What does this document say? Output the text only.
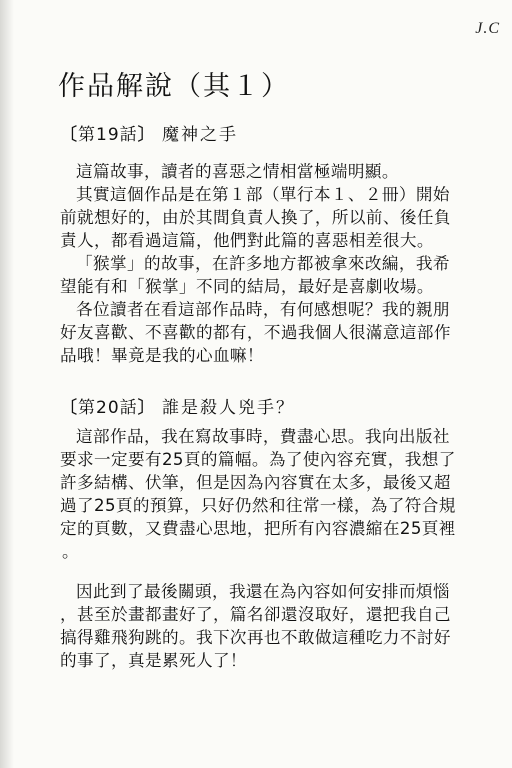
J.C
作品解說（其１）
〔第19話〕 魔神之手

這篇故事，讀者的喜惡之情相當極端明顯。

其實這個作品是在第１部（單行本１、２冊）開始

前就想好的，由於其間負責人換了，所以前、後任負

責人，都看過這篇，他們對此篇的喜惡相差很大。

「猴掌」的故事，在許多地方都被拿來改編，我希

望能有和「猴掌」不同的結局，最好是喜劇收場。

各位讀者在看這部作品時，有何感想呢？我的親朋

好友喜歡、不喜歡的都有，不過我個人很滿意這部作

品哦！畢竟是我的心血嘛！

〔第20話〕 誰是殺人兇手？

這部作品，我在寫故事時，費盡心思。我向出版社

要求一定要有25頁的篇幅。為了使內容充實，我想了

許多結構、伏筆，但是因為內容實在太多，最後又超

過了25頁的預算，只好仍然和往常一樣，為了符合規

定的頁數，又費盡心思地，把所有內容濃縮在25頁裡

。

因此到了最後關頭，我還在為內容如何安排而煩惱

，甚至於畫都畫好了，篇名卻還沒取好，還把我自己

搞得雞飛狗跳的。我下次再也不敢做這種吃力不討好

的事了，真是累死人了！
